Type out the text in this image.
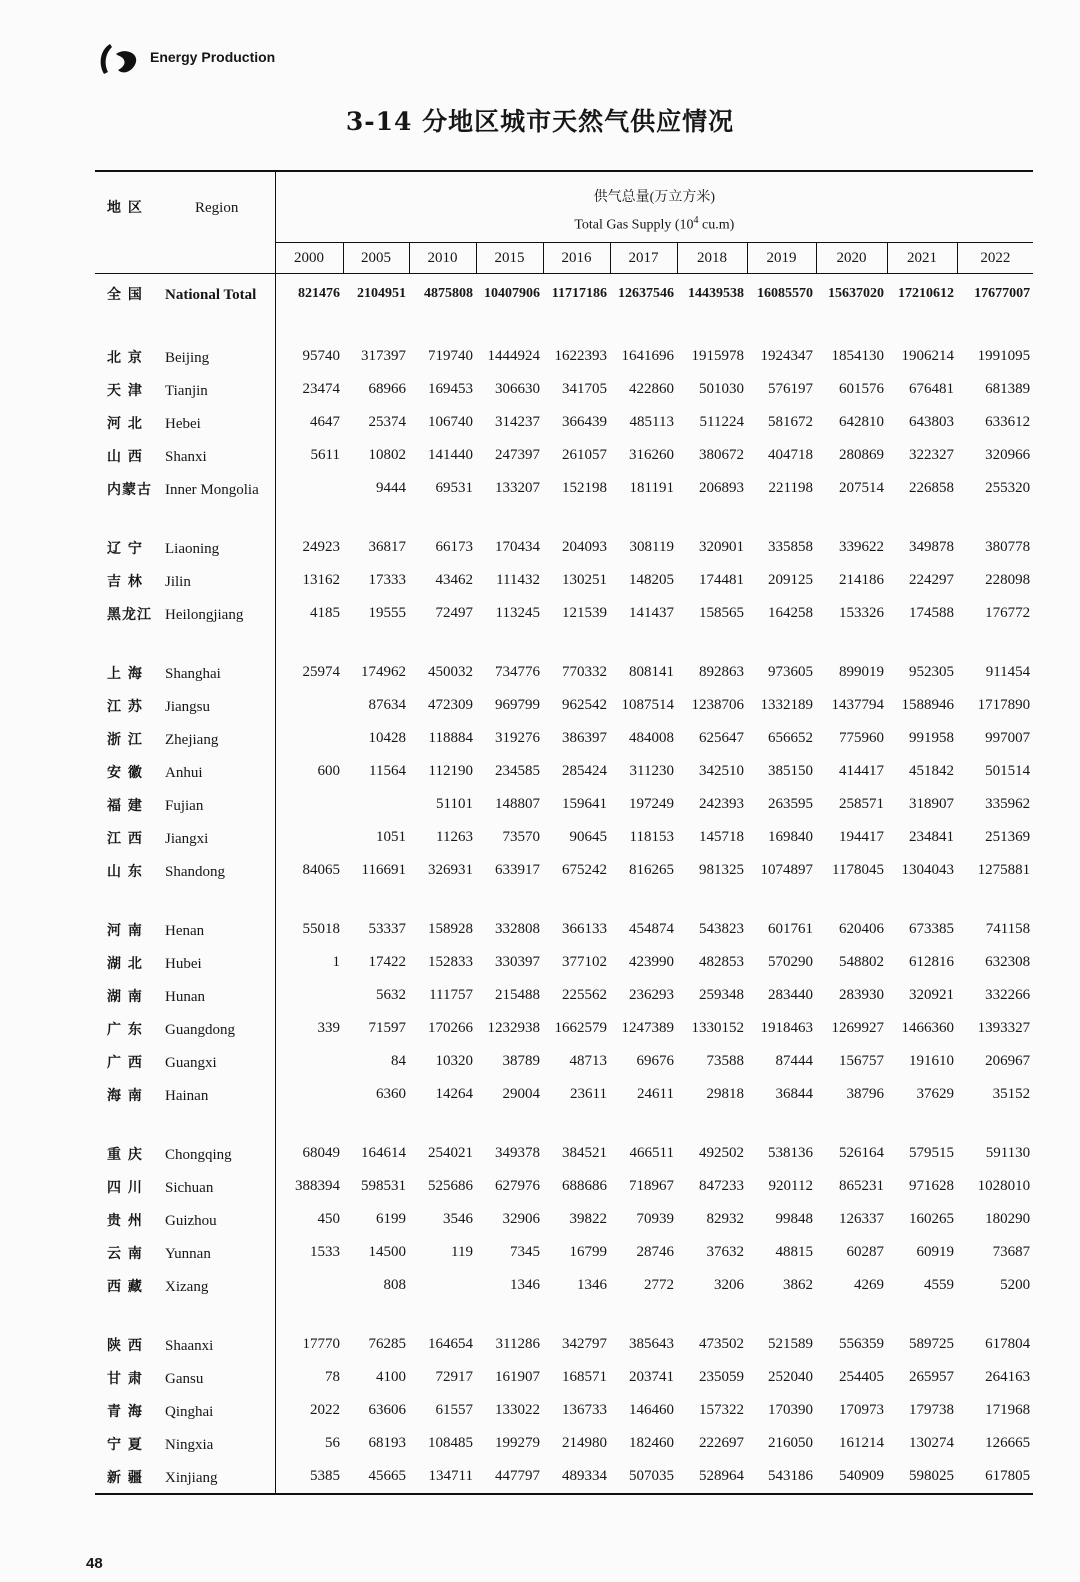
Energy Production
3-14 分地区城市天然气供应情况
地 区 Region	供气总量(万立方米)										
	Total Gas Supply ($10^4$ cu.m)										
	2000	2005	2010	2015	2016	2017	2018	2019	2020	2021	2022
全 国 National Total	821476	2104951	4875808	10407906	11717186	12637546	14439538	16085570	15637020	17210612	17677007

北 京 Beijing	95740	317397	719740	1444924	1622393	1641696	1915978	1924347	1854130	1906214	1991095
天 津 Tianjin	23474	68966	169453	306630	341705	422860	501030	576197	601576	676481	681389
河 北 Hebei	4647	25374	106740	314237	366439	485113	511224	581672	642810	643803	633612
山 西 Shanxi	5611	10802	141440	247397	261057	316260	380672	404718	280869	322327	320966
内蒙古 Inner Mongolia		9444	69531	133207	152198	181191	206893	221198	207514	226858	255320

辽 宁 Liaoning	24923	36817	66173	170434	204093	308119	320901	335858	339622	349878	380778
吉 林 Jilin	13162	17333	43462	111432	130251	148205	174481	209125	214186	224297	228098
黑龙江 Heilongjiang	4185	19555	72497	113245	121539	141437	158565	164258	153326	174588	176772

上 海 Shanghai	25974	174962	450032	734776	770332	808141	892863	973605	899019	952305	911454
江 苏 Jiangsu		87634	472309	969799	962542	1087514	1238706	1332189	1437794	1588946	1717890
浙 江 Zhejiang		10428	118884	319276	386397	484008	625647	656652	775960	991958	997007
安 徽 Anhui	600	11564	112190	234585	285424	311230	342510	385150	414417	451842	501514
福 建 Fujian			51101	148807	159641	197249	242393	263595	258571	318907	335962
江 西 Jiangxi		1051	11263	73570	90645	118153	145718	169840	194417	234841	251369
山 东 Shandong	84065	116691	326931	633917	675242	816265	981325	1074897	1178045	1304043	1275881

河 南 Henan	55018	53337	158928	332808	366133	454874	543823	601761	620406	673385	741158
湖 北 Hubei	1	17422	152833	330397	377102	423990	482853	570290	548802	612816	632308
湖 南 Hunan		5632	111757	215488	225562	236293	259348	283440	283930	320921	332266
广 东 Guangdong	339	71597	170266	1232938	1662579	1247389	1330152	1918463	1269927	1466360	1393327
广 西 Guangxi		84	10320	38789	48713	69676	73588	87444	156757	191610	206967
海 南 Hainan		6360	14264	29004	23611	24611	29818	36844	38796	37629	35152

重 庆 Chongqing	68049	164614	254021	349378	384521	466511	492502	538136	526164	579515	591130
四 川 Sichuan	388394	598531	525686	627976	688686	718967	847233	920112	865231	971628	1028010
贵 州 Guizhou	450	6199	3546	32906	39822	70939	82932	99848	126337	160265	180290
云 南 Yunnan	1533	14500	119	7345	16799	28746	37632	48815	60287	60919	73687
西 藏 Xizang		808		1346	1346	2772	3206	3862	4269	4559	5200

陕 西 Shaanxi	17770	76285	164654	311286	342797	385643	473502	521589	556359	589725	617804
甘 肃 Gansu	78	4100	72917	161907	168571	203741	235059	252040	254405	265957	264163
青 海 Qinghai	2022	63606	61557	133022	136733	146460	157322	170390	170973	179738	171968
宁 夏 Ningxia	56	68193	108485	199279	214980	182460	222697	216050	161214	130274	126665
新 疆 Xinjiang	5385	45665	134711	447797	489334	507035	528964	543186	540909	598025	617805
48
